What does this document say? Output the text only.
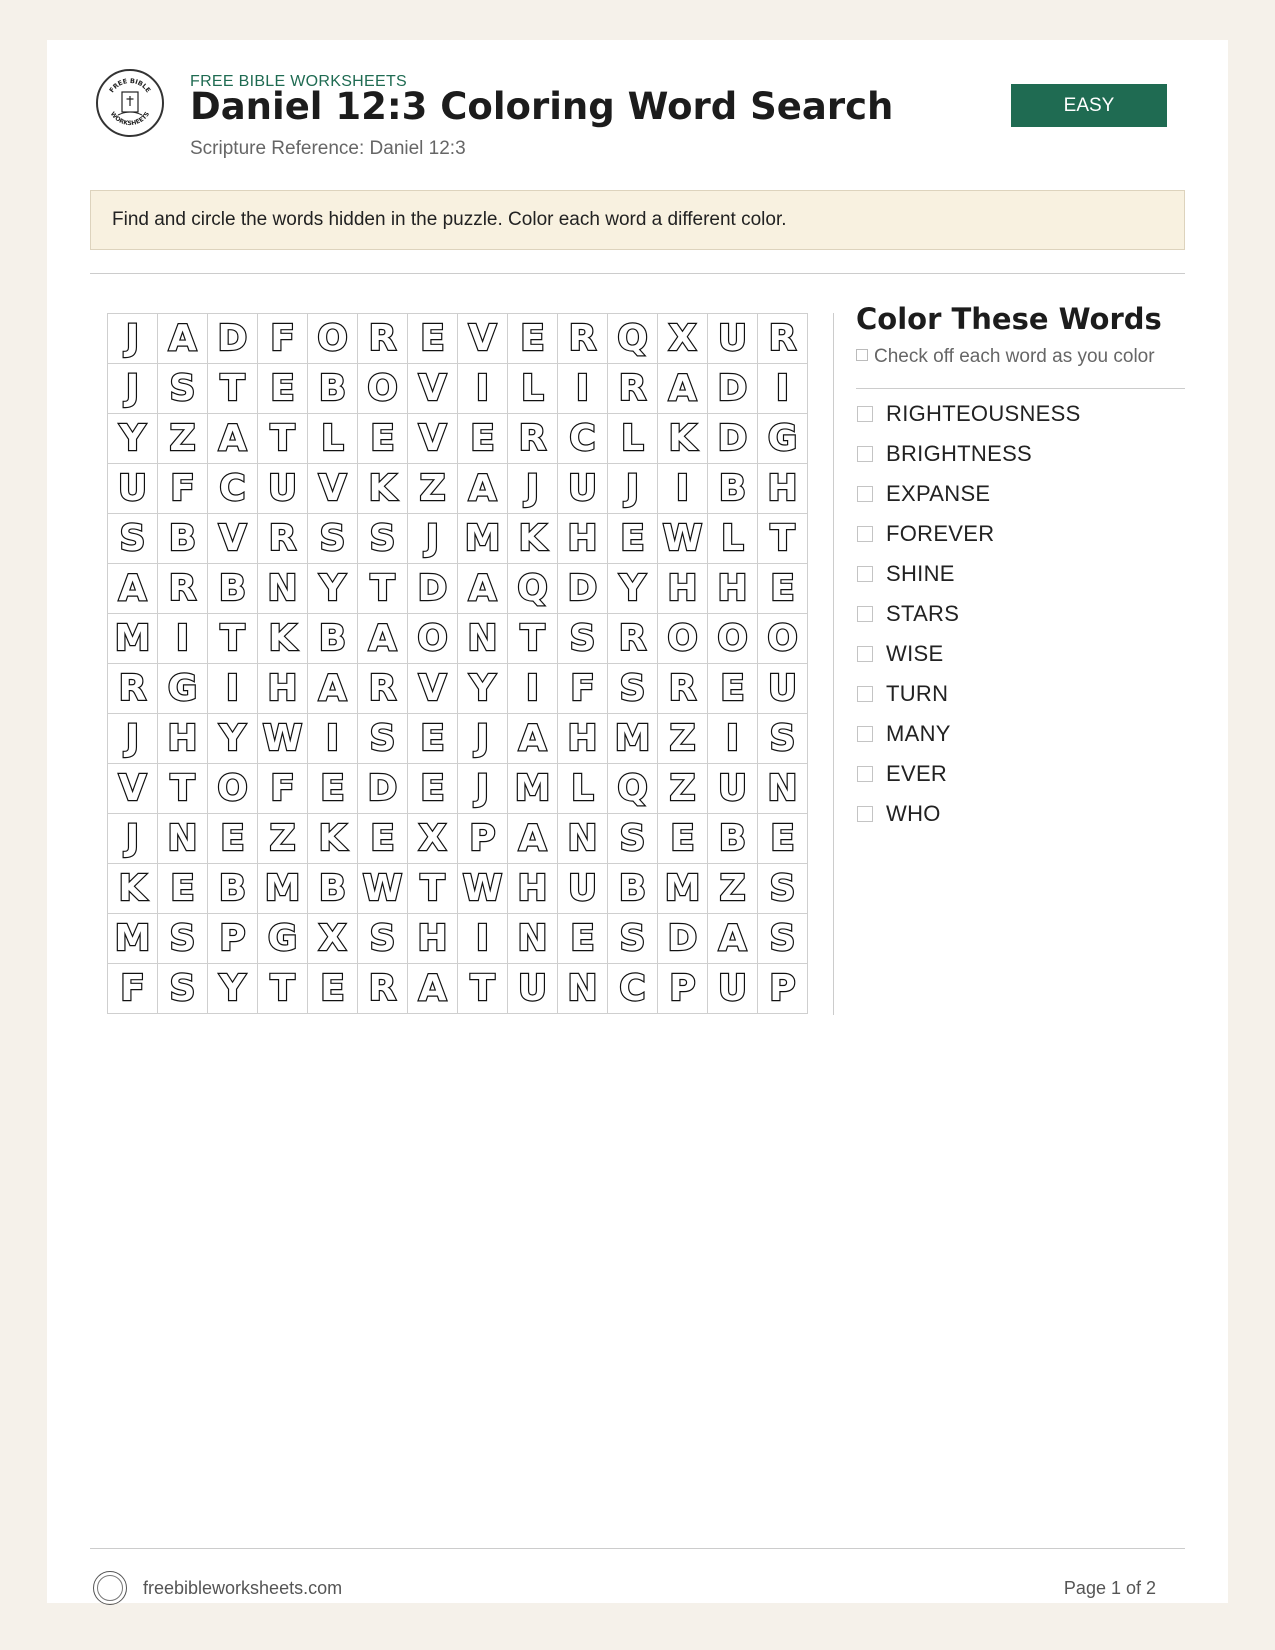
FREE BIBLE
WORKSHEETS
FREE BIBLE WORKSHEETS
Daniel 12:3 Coloring Word Search
Scripture Reference: Daniel 12:3
EASY
Find and circle the words hidden in the puzzle. Color each word a different color.
J A D F O R E V E R Q X U R
J S T E B O V I L I R A D I
Y Z A T L E V E R C L K D G
U F C U V K Z A J U J	I B H
S B V R S S J M K H E W L T
A R B N Y T D A Q D Y H H E
M I T K B A O N T S R O O O
R G I H A R V Y I F S R E U
J H Y W I S E J A H M Z I S
V T O F E D E J M L Q Z U N
J N E Z K E X P A N S E B E
K E B M B W T W H U B M Z S
M S P G X S H I N E S D A S
F S Y T E R A T U N C P U P
Color These Words
Check off each word as you color
RIGHTEOUSNESS
BRIGHTNESS
EXPANSE
FOREVER
SHINE
STARS
WISE
TURN
MANY
EVER
WHO
freebibleworksheets.com	Page 1 of 2
